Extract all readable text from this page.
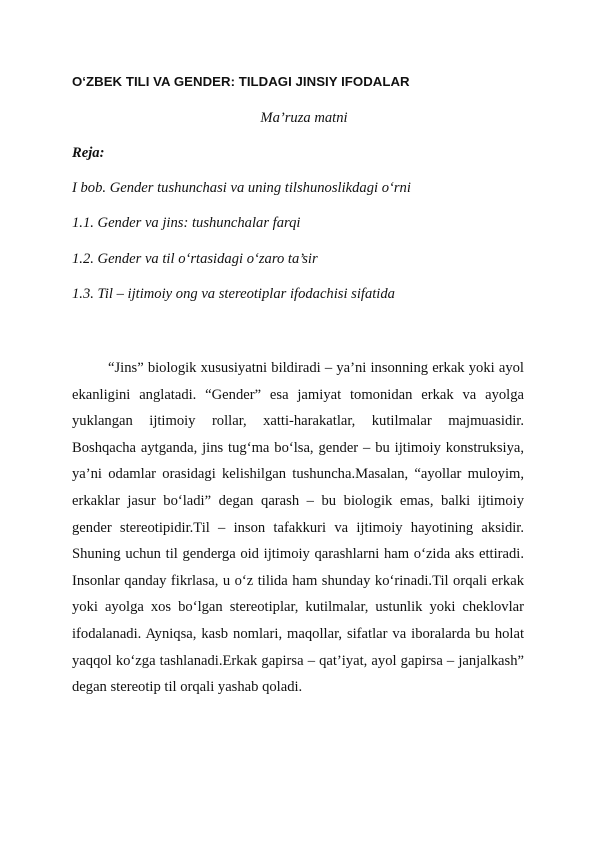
O‘ZBEK TILI VA GENDER: TILDAGI JINSIY IFODALAR
Ma’ruza matni
Reja:
I bob. Gender tushunchasi va uning tilshunoslikdagi o‘rni
1.1. Gender va jins: tushunchalar farqi
1.2. Gender va til o‘rtasidagi o‘zaro ta’sir
1.3. Til – ijtimoiy ong va stereotiplar ifodachisi sifatida

“Jins” biologik xususiyatni bildiradi – ya’ni insonning erkak yoki ayol ekanligini anglatadi. “Gender” esa jamiyat tomonidan erkak va ayolga yuklangan ijtimoiy rollar, xatti-harakatlar, kutilmalar majmuasidir. Boshqacha aytganda, jins tug‘ma bo‘lsa, gender – bu ijtimoiy konstruksiya, ya’ni odamlar orasidagi kelishilgan tushuncha.Masalan, “ayollar muloyim, erkaklar jasur bo‘ladi” degan qarash – bu biologik emas, balki ijtimoiy gender stereotipidir.Til – inson tafakkuri va ijtimoiy hayotining aksidir. Shuning uchun til genderga oid ijtimoiy qarashlarni ham o‘zida aks ettiradi. Insonlar qanday fikrlasa, u o‘z tilida ham shunday ko‘rinadi.Til orqali erkak yoki ayolga xos bo‘lgan stereotiplar, kutilmalar, ustunlik yoki cheklovlar ifodalanadi. Ayniqsa, kasb nomlari, maqollar, sifatlar va iboralarda bu holat yaqqol ko‘zga tashlanadi.Erkak gapirsa – qat’iyat, ayol gapirsa – janjalkash” degan stereotip til orqali yashab qoladi.
